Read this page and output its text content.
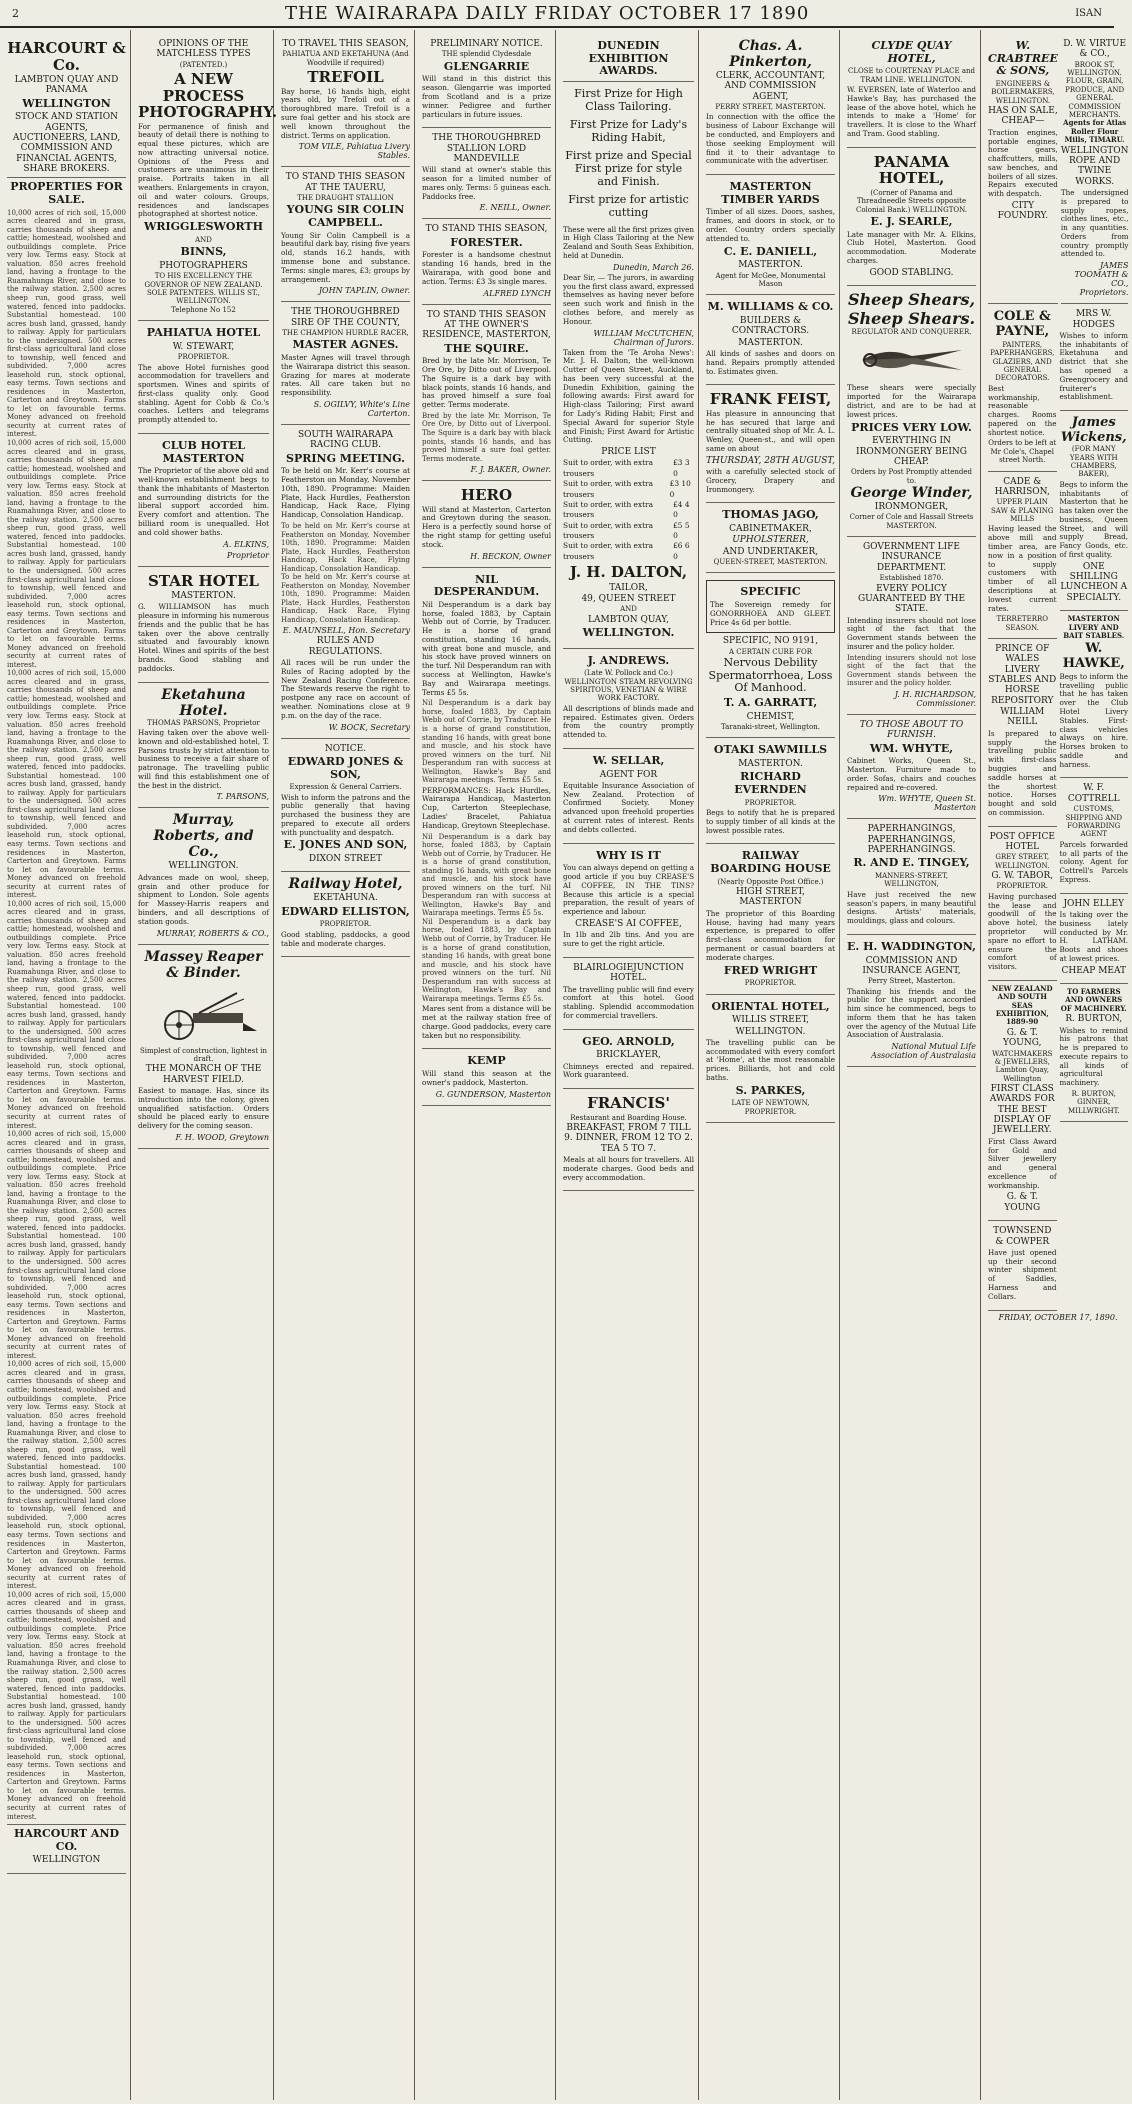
2	THE WAIRARAPA DAILY FRIDAY OCTOBER 17 1890	ISAN
HARCOURT & Co.
LAMBTON QUAY AND PANAMA
WELLINGTON
STOCK AND STATION AGENTS, AUCTIONEERS, LAND, COMMISSION AND FINANCIAL AGENTS, SHARE BROKERS.
PROPERTIES FOR SALE.
10,000 acres of rich soil, 15,000 acres cleared and in grass, carries thousands of sheep and cattle; homestead, woolshed and outbuildings complete. Price very low. Terms easy. Stock at valuation. 850 acres freehold land, having a frontage to the Ruamahunga River, and close to the railway station. 2,500 acres sheep run, good grass, well watered, fenced into paddocks. Substantial homestead. 100 acres bush land, grassed, handy to railway. Apply for particulars to the undersigned. 500 acres first-class agricultural land close to township, well fenced and subdivided. 7,000 acres leasehold run, stock optional, easy terms. Town sections and residences in Masterton, Carterton and Greytown. Farms to let on favourable terms. Money advanced on freehold security at current rates of interest.
10,000 acres of rich soil, 15,000 acres cleared and in grass, carries thousands of sheep and cattle; homestead, woolshed and outbuildings complete. Price very low. Terms easy. Stock at valuation. 850 acres freehold land, having a frontage to the Ruamahunga River, and close to the railway station. 2,500 acres sheep run, good grass, well watered, fenced into paddocks. Substantial homestead. 100 acres bush land, grassed, handy to railway. Apply for particulars to the undersigned. 500 acres first-class agricultural land close to township, well fenced and subdivided. 7,000 acres leasehold run, stock optional, easy terms. Town sections and residences in Masterton, Carterton and Greytown. Farms to let on favourable terms. Money advanced on freehold security at current rates of interest.
10,000 acres of rich soil, 15,000 acres cleared and in grass, carries thousands of sheep and cattle; homestead, woolshed and outbuildings complete. Price very low. Terms easy. Stock at valuation. 850 acres freehold land, having a frontage to the Ruamahunga River, and close to the railway station. 2,500 acres sheep run, good grass, well watered, fenced into paddocks. Substantial homestead. 100 acres bush land, grassed, handy to railway. Apply for particulars to the undersigned. 500 acres first-class agricultural land close to township, well fenced and subdivided. 7,000 acres leasehold run, stock optional, easy terms. Town sections and residences in Masterton, Carterton and Greytown. Farms to let on favourable terms. Money advanced on freehold security at current rates of interest.
10,000 acres of rich soil, 15,000 acres cleared and in grass, carries thousands of sheep and cattle; homestead, woolshed and outbuildings complete. Price very low. Terms easy. Stock at valuation. 850 acres freehold land, having a frontage to the Ruamahunga River, and close to the railway station. 2,500 acres sheep run, good grass, well watered, fenced into paddocks. Substantial homestead. 100 acres bush land, grassed, handy to railway. Apply for particulars to the undersigned. 500 acres first-class agricultural land close to township, well fenced and subdivided. 7,000 acres leasehold run, stock optional, easy terms. Town sections and residences in Masterton, Carterton and Greytown. Farms to let on favourable terms. Money advanced on freehold security at current rates of interest.
10,000 acres of rich soil, 15,000 acres cleared and in grass, carries thousands of sheep and cattle; homestead, woolshed and outbuildings complete. Price very low. Terms easy. Stock at valuation. 850 acres freehold land, having a frontage to the Ruamahunga River, and close to the railway station. 2,500 acres sheep run, good grass, well watered, fenced into paddocks. Substantial homestead. 100 acres bush land, grassed, handy to railway. Apply for particulars to the undersigned. 500 acres first-class agricultural land close to township, well fenced and subdivided. 7,000 acres leasehold run, stock optional, easy terms. Town sections and residences in Masterton, Carterton and Greytown. Farms to let on favourable terms. Money advanced on freehold security at current rates of interest.
10,000 acres of rich soil, 15,000 acres cleared and in grass, carries thousands of sheep and cattle; homestead, woolshed and outbuildings complete. Price very low. Terms easy. Stock at valuation. 850 acres freehold land, having a frontage to the Ruamahunga River, and close to the railway station. 2,500 acres sheep run, good grass, well watered, fenced into paddocks. Substantial homestead. 100 acres bush land, grassed, handy to railway. Apply for particulars to the undersigned. 500 acres first-class agricultural land close to township, well fenced and subdivided. 7,000 acres leasehold run, stock optional, easy terms. Town sections and residences in Masterton, Carterton and Greytown. Farms to let on favourable terms. Money advanced on freehold security at current rates of interest.
10,000 acres of rich soil, 15,000 acres cleared and in grass, carries thousands of sheep and cattle; homestead, woolshed and outbuildings complete. Price very low. Terms easy. Stock at valuation. 850 acres freehold land, having a frontage to the Ruamahunga River, and close to the railway station. 2,500 acres sheep run, good grass, well watered, fenced into paddocks. Substantial homestead. 100 acres bush land, grassed, handy to railway. Apply for particulars to the undersigned. 500 acres first-class agricultural land close to township, well fenced and subdivided. 7,000 acres leasehold run, stock optional, easy terms. Town sections and residences in Masterton, Carterton and Greytown. Farms to let on favourable terms. Money advanced on freehold security at current rates of interest.
HARCOURT AND CO.
WELLINGTON
OPINIONS OF THE MATCHLESS TYPES
(PATENTED.)
A NEW PROCESS PHOTOGRAPHY.
For permanence of finish and beauty of detail there is nothing to equal these pictures, which are now attracting universal notice. Opinions of the Press and customers are unanimous in their praise. Portraits taken in all weathers. Enlargements in crayon, oil and water colours. Groups, residences and landscapes photographed at shortest notice.
WRIGGLESWORTH
AND
BINNS,
PHOTOGRAPHERS
TO HIS EXCELLENCY THE GOVERNOR OF NEW ZEALAND. SOLE PATENTEES. WILLIS ST., WELLINGTON.
Telephone No 152
PAHIATUA HOTEL
W. STEWART,
PROPRIETOR.
The above Hotel furnishes good accommodation for travellers and sportsmen. Wines and spirits of first-class quality only. Good stabling. Agent for Cobb & Co.'s coaches. Letters and telegrams promptly attended to.
CLUB HOTEL MASTERTON
The Proprietor of the above old and well-known establishment begs to thank the inhabitants of Masterton and surrounding districts for the liberal support accorded him. Every comfort and attention. The billiard room is unequalled. Hot and cold shower baths.
A. ELKINS,
Proprietor
STAR HOTEL
MASTERTON.
G. WILLIAMSON has much pleasure in informing his numerous friends and the public that he has taken over the above centrally situated and favourably known Hotel. Wines and spirits of the best brands. Good stabling and paddocks.
Eketahuna Hotel.
THOMAS PARSONS, Proprietor
Having taken over the above well-known and old-established hotel, T. Parsons trusts by strict attention to business to receive a fair share of patronage. The travelling public will find this establishment one of the best in the district.
T. PARSONS,
Murray, Roberts, and Co.,
WELLINGTON.
Advances made on wool, sheep, grain and other produce for shipment to London. Sole agents for Massey-Harris reapers and binders, and all descriptions of station goods.
MURRAY, ROBERTS & CO.,
Massey Reaper & Binder.
Simplest of construction, lightest in draft.
THE MONARCH OF THE HARVEST FIELD.
Easiest to manage. Has, since its introduction into the colony, given unqualified satisfaction. Orders should be placed early to ensure delivery for the coming season.
F. H. WOOD, Greytown
TO TRAVEL THIS SEASON,
PAHIATUA AND EKETAHUNA (And Woodville if required)
TREFOIL
Bay horse, 16 hands high, eight years old, by Trefoil out of a thoroughbred mare. Trefoil is a sure foal getter and his stock are well known throughout the district. Terms on application.
TOM VILE, Pahiatua Livery Stables.
TO STAND THIS SEASON AT THE TAUERU,
THE DRAUGHT STALLION
YOUNG SIR COLIN CAMPBELL.
Young Sir Colin Campbell is a beautiful dark bay, rising five years old, stands 16.2 hands, with immense bone and substance. Terms: single mares, £3; groups by arrangement.
JOHN TAPLIN, Owner.
THE THOROUGHBRED SIRE OF THE COUNTY,
THE CHAMPION HURDLE RACER,
MASTER AGNES.
Master Agnes will travel through the Wairarapa district this season. Grazing for mares at moderate rates. All care taken but no responsibility.
S. OGILVY, White's Line Carterton.
SOUTH WAIRARAPA RACING CLUB.
SPRING MEETING.
To be held on Mr. Kerr's course at Featherston on Monday, November 10th, 1890. Programme: Maiden Plate, Hack Hurdles, Featherston Handicap, Hack Race, Flying Handicap, Consolation Handicap.
To be held on Mr. Kerr's course at Featherston on Monday, November 10th, 1890. Programme: Maiden Plate, Hack Hurdles, Featherston Handicap, Hack Race, Flying Handicap, Consolation Handicap.
To be held on Mr. Kerr's course at Featherston on Monday, November 10th, 1890. Programme: Maiden Plate, Hack Hurdles, Featherston Handicap, Hack Race, Flying Handicap, Consolation Handicap.
E. MAUNSELL, Hon. Secretary
RULES AND REGULATIONS.
All races will be run under the Rules of Racing adopted by the New Zealand Racing Conference. The Stewards reserve the right to postpone any race on account of weather. Nominations close at 9 p.m. on the day of the race.
W. BOCK, Secretary
NOTICE.
EDWARD JONES & SON,
Expression & General Carriers.
Wish to inform the patrons and the public generally that having purchased the business they are prepared to execute all orders with punctuality and despatch.
E. JONES AND SON,
DIXON STREET
Railway Hotel,
EKETAHUNA.
EDWARD ELLISTON,
PROPRIETOR.
Good stabling, paddocks, a good table and moderate charges.
PRELIMINARY NOTICE.
THE splendid Clydesdale
GLENGARRIE
Will stand in this district this season. Glengarrie was imported from Scotland and is a prize winner. Pedigree and further particulars in future issues.
THE THOROUGHBRED STALLION LORD MANDEVILLE
Will stand at owner's stable this season for a limited number of mares only. Terms: 5 guineas each. Paddocks free.
E. NEILL, Owner.
TO STAND THIS SEASON,
FORESTER.
Forester is a handsome chestnut standing 16 hands, bred in the Wairarapa, with good bone and action. Terms: £3 3s single mares.
ALFRED LYNCH
TO STAND THIS SEASON AT THE OWNER'S RESIDENCE, MASTERTON,
THE SQUIRE.
Bred by the late Mr. Morrison, Te Ore Ore, by Ditto out of Liverpool. The Squire is a dark bay with black points, stands 16 hands, and has proved himself a sure foal getter. Terms moderate.
Bred by the late Mr. Morrison, Te Ore Ore, by Ditto out of Liverpool. The Squire is a dark bay with black points, stands 16 hands, and has proved himself a sure foal getter. Terms moderate.
F. J. BAKER, Owner.
HERO
Will stand at Masterton, Carterton and Greytown during the season. Hero is a perfectly sound horse of the right stamp for getting useful stock.
H. BECKON, Owner
NIL DESPERANDUM.
Nil Desperandum is a dark bay horse, foaled 1883, by Captain Webb out of Corrie, by Traducer. He is a horse of grand constitution, standing 16 hands, with great bone and muscle, and his stock have proved winners on the turf. Nil Desperandum ran with success at Wellington, Hawke's Bay and Wairarapa meetings. Terms £5 5s.
Nil Desperandum is a dark bay horse, foaled 1883, by Captain Webb out of Corrie, by Traducer. He is a horse of grand constitution, standing 16 hands, with great bone and muscle, and his stock have proved winners on the turf. Nil Desperandum ran with success at Wellington, Hawke's Bay and Wairarapa meetings. Terms £5 5s.
PERFORMANCES: Hack Hurdles, Wairarapa Handicap, Masterton Cup, Carterton Steeplechase, Ladies' Bracelet, Pahiatua Handicap, Greytown Steeplechase.
Nil Desperandum is a dark bay horse, foaled 1883, by Captain Webb out of Corrie, by Traducer. He is a horse of grand constitution, standing 16 hands, with great bone and muscle, and his stock have proved winners on the turf. Nil Desperandum ran with success at Wellington, Hawke's Bay and Wairarapa meetings. Terms £5 5s.
Nil Desperandum is a dark bay horse, foaled 1883, by Captain Webb out of Corrie, by Traducer. He is a horse of grand constitution, standing 16 hands, with great bone and muscle, and his stock have proved winners on the turf. Nil Desperandum ran with success at Wellington, Hawke's Bay and Wairarapa meetings. Terms £5 5s.
Mares sent from a distance will be met at the railway station free of charge. Good paddocks, every care taken but no responsibility.
KEMP
Will stand this season at the owner's paddock, Masterton.
G. GUNDERSON, Masterton
DUNEDIN EXHIBITION AWARDS.
First Prize for High Class Tailoring.
First Prize for Lady's Riding Habit,
First prize and Special First prize for style and Finish.
First prize for artistic cutting
These were all the first prizes given in High Class Tailoring at the New Zealand and South Seas Exhibition, held at Dunedin.
Dunedin, March 26.
Dear Sir, — The jurors, in awarding you the first class award, expressed themselves as having never before seen such work and finish in the clothes before, and merely as Honour.
WILLIAM McCUTCHEN, Chairman of Jurors.
Taken from the 'Te Aroha News': Mr. J. H. Dalton, the well-known Cutter of Queen Street, Auckland, has been very successful at the Dunedin Exhibition, gaining the following awards: First award for High-class Tailoring; First award for Lady's Riding Habit; First and Special Award for superior Style and Finish; First Award for Artistic Cutting.
PRICE LIST
Suit to order, with extra trousers
£3 3 0
Suit to order, with extra trousers
£3 10 0
Suit to order, with extra trousers
£4 4 0
Suit to order, with extra trousers
£5 5 0
Suit to order, with extra trousers
£6 6 0
J. H. DALTON,
TAILOR,
49, QUEEN STREET
AND
LAMBTON QUAY,
WELLINGTON.
J. ANDREWS.
(Late W. Pollock and Co.) WELLINGTON STEAM REVOLVING SPIRITOUS, VENETIAN & WIRE WORK FACTORY.
All descriptions of blinds made and repaired. Estimates given. Orders from the country promptly attended to.
W. SELLAR,
AGENT FOR
Equitable Insurance Association of New Zealand. Protection of Confirmed Society. Money advanced upon freehold properties at current rates of interest. Rents and debts collected.
WHY IS IT
You can always depend on getting a good article if you buy CREASE'S AI COFFEE, IN THE TINS? Because this article is a special preparation, the result of years of experience and labour.
CREASE'S AI COFFEE,
In 1lb and 2lb tins. And you are sure to get the right article.
BLAIRLOGIEJUNCTION HOTEL.
The travelling public will find every comfort at this hotel. Good stabling. Splendid accommodation for commercial travellers.
GEO. ARNOLD,
BRICKLAYER,
Chimneys erected and repaired. Work guaranteed.
FRANCIS'
Restaurant and Boarding House.
BREAKFAST, FROM 7 TILL 9. DINNER, FROM 12 TO 2. TEA 5 TO 7.
Meals at all hours for travellers. All moderate charges. Good beds and every accommodation.
Chas. A. Pinkerton,
CLERK, ACCOUNTANT, AND COMMISSION AGENT,
PERRY STREET, MASTERTON.
In connection with the office the business of Labour Exchange will be conducted, and Employers and those seeking Employment will find it to their advantage to communicate with the advertiser.
MASTERTON TIMBER YARDS
Timber of all sizes. Doors, sashes, frames, and doors in stock, or to order. Country orders specially attended to.
C. E. DANIELL,
MASTERTON.
Agent for McGee, Monumental Mason
M. WILLIAMS & CO.
BUILDERS & CONTRACTORS.
MASTERTON.
All kinds of sashes and doors on hand. Repairs promptly attended to. Estimates given.
FRANK FEIST,
Has pleasure in announcing that he has secured that large and centrally situated shop of Mr. A. L. Wenley, Queen-st., and will open same on about
THURSDAY, 28TH AUGUST,
with a carefully selected stock of Grocery, Drapery and Ironmongery.
THOMAS JAGO,
CABINETMAKER,
UPHOLSTERER,
AND UNDERTAKER,
QUEEN-STREET, MASTERTON.
SPECIFIC
The Sovereign remedy for GONORRHOEA AND GLEET. Price 4s 6d per bottle.
SPECIFIC, NO 9191,
A CERTAIN CURE FOR
Nervous Debility Spermatorrhoea, Loss Of Manhood.
T. A. GARRATT,
CHEMIST,
Taranaki-street, Wellington.
OTAKI SAWMILLS
MASTERTON.
RICHARD EVERNDEN
PROPRIETOR.
Begs to notify that he is prepared to supply timber of all kinds at the lowest possible rates.
RAILWAY BOARDING HOUSE
(Nearly Opposite Post Office.)
HIGH STREET, MASTERTON
The proprietor of this Boarding House, having had many years experience, is prepared to offer first-class accommodation for permanent or casual boarders at moderate charges.
FRED WRIGHT
PROPRIETOR.
ORIENTAL HOTEL,
WILLIS STREET,
WELLINGTON.
The travelling public can be accommodated with every comfort at 'Home', at the most reasonable prices. Billiards, hot and cold baths.
S. PARKES,
LATE OF NEWTOWN,
PROPRIETOR.
CLYDE QUAY HOTEL,
CLOSE to COURTENAY PLACE and TRAM LINE. WELLINGTON.
W. EVERSEN, late of Waterloo and Hawke's Bay, has purchased the lease of the above hotel, which he intends to make a 'Home' for travellers. It is close to the Wharf and Tram. Good stabling.
PANAMA HOTEL,
(Corner of Panama and Threadneedle Streets opposite Colonial Bank.) WELLINGTON.
E. J. SEARLE,
Late manager with Mr. A. Elkins, Club Hotel, Masterton. Good accommodation. Moderate charges.
GOOD STABLING.
Sheep Shears,
Sheep Shears.
REGULATOR AND CONQUERER.
These shears were specially imported for the Wairarapa district, and are to be had at lowest prices.
PRICES VERY LOW.
EVERYTHING IN IRONMONGERY BEING CHEAP.
Orders by Post Promptly attended to.
George Winder,
IRONMONGER,
Corner of Cole and Hassall Streets MASTERTON.
GOVERNMENT LIFE INSURANCE DEPARTMENT.
Established 1870.
EVERY POLICY GUARANTEED BY THE STATE.
Intending insurers should not lose sight of the fact that the Government stands between the insurer and the policy holder.
Intending insurers should not lose sight of the fact that the Government stands between the insurer and the policy holder.
J. H. RICHARDSON, Commissioner.
TO THOSE ABOUT TO FURNISH.
WM. WHYTE,
Cabinet Works, Queen St., Masterton. Furniture made to order. Sofas, chairs and couches repaired and re-covered.
Wm. WHYTE, Queen St. Masterton
PAPERHANGINGS, PAPERHANGINGS, PAPERHANGINGS.
R. AND E. TINGEY,
MANNERS-STREET, WELLINGTON,
Have just received the new season's papers, in many beautiful designs. Artists' materials, mouldings, glass and colours.
E. H. WADDINGTON,
COMMISSION AND INSURANCE AGENT,
Perry Street, Masterton.
Thanking his friends and the public for the support accorded him since he commenced, begs to inform them that he has taken over the agency of the Mutual Life Association of Australasia.
National Mutual Life Association of Australasia
W. CRABTREE & SONS,
ENGINEERS & BOILERMAKERS,
WELLINGTON.
HAS ON SALE, CHEAP—
Traction engines, portable engines, horse gears, chaffcutters, mills, saw benches, and boilers of all sizes. Repairs executed with despatch.
CITY FOUNDRY.
D. W. VIRTUE & CO.,
BROOK ST, WELLINGTON.
FLOUR, GRAIN, PRODUCE, AND GENERAL COMMISSION MERCHANTS.
Agents for Atlas Roller Flour Mills, TIMARU.
WELLINGTON ROPE AND TWINE WORKS.
The undersigned is prepared to supply ropes, clothes lines, etc., in any quantities. Orders from country promptly attended to.
JAMES TOOMATH & CO., Proprietors.
COLE & PAYNE,
PAINTERS, PAPERHANGERS, GLAZIERS, AND GENERAL DECORATORS.
Best workmanship, reasonable charges. Rooms papered on the shortest notice.
Orders to be left at Mr Cole's, Chapel street North.
CADE & HARRISON,
UPPER PLAIN SAW & PLANING MILLS
Having leased the above mill and timber area, are now in a position to supply customers with timber of all descriptions at lowest current rates.
TERRETERRO SEASON.
PRINCE OF WALES LIVERY STABLES AND HORSE REPOSITORY
WILLIAM NEILL
Is prepared to supply the travelling public with first-class buggies and saddle horses at the shortest notice. Horses bought and sold on commission.
POST OFFICE HOTEL
GREY STREET, WELLINGTON.
G. W. TABOR,
PROPRIETOR.
Having purchased the lease and goodwill of the above hotel, the proprietor will spare no effort to ensure the comfort of visitors.
NEW ZEALAND AND SOUTH SEAS EXHIBITION, 1889-90
G. & T. YOUNG,
WATCHMAKERS & JEWELLERS,
Lambton Quay, Wellington
FIRST CLASS AWARDS FOR THE BEST DISPLAY OF JEWELLERY.
First Class Award for Gold and Silver jewellery and general excellence of workmanship.
G. & T. YOUNG
TOWNSEND & COWPER
Have just opened up their second winter shipment of Saddles, Harness and Collars.
MRS W. HODGES
Wishes to inform the inhabitants of Eketahuna and district that she has opened a Greengrocery and fruiterer's establishment.
James Wickens,
(FOR MANY YEARS WITH CHAMBERS, BAKER),
Begs to inform the inhabitants of Masterton that he has taken over the business, Queen Street, and will supply Bread, Fancy Goods, etc. of first quality.
ONE SHILLING LUNCHEON A SPECIALTY.
MASTERTON LIVERY AND BAIT STABLES.
W. HAWKE,
Begs to inform the travelling public that he has taken over the Club Hotel Livery Stables. First-class vehicles always on hire. Horses broken to saddle and harness.
W. F. COTTRELL
CUSTOMS, SHIPPING AND FORWARDING AGENT
Parcels forwarded to all parts of the colony. Agent for Cottrell's Parcels Express.
JOHN ELLEY
Is taking over the business lately conducted by Mr. H. LATHAM. Boots and shoes at lowest prices.
CHEAP MEAT
TO FARMERS AND OWNERS OF MACHINERY.
R. BURTON,
Wishes to remind his patrons that he is prepared to execute repairs to all kinds of agricultural machinery.
R. BURTON, GINNER, MILLWRIGHT.
FRIDAY, OCTOBER 17, 1890.
